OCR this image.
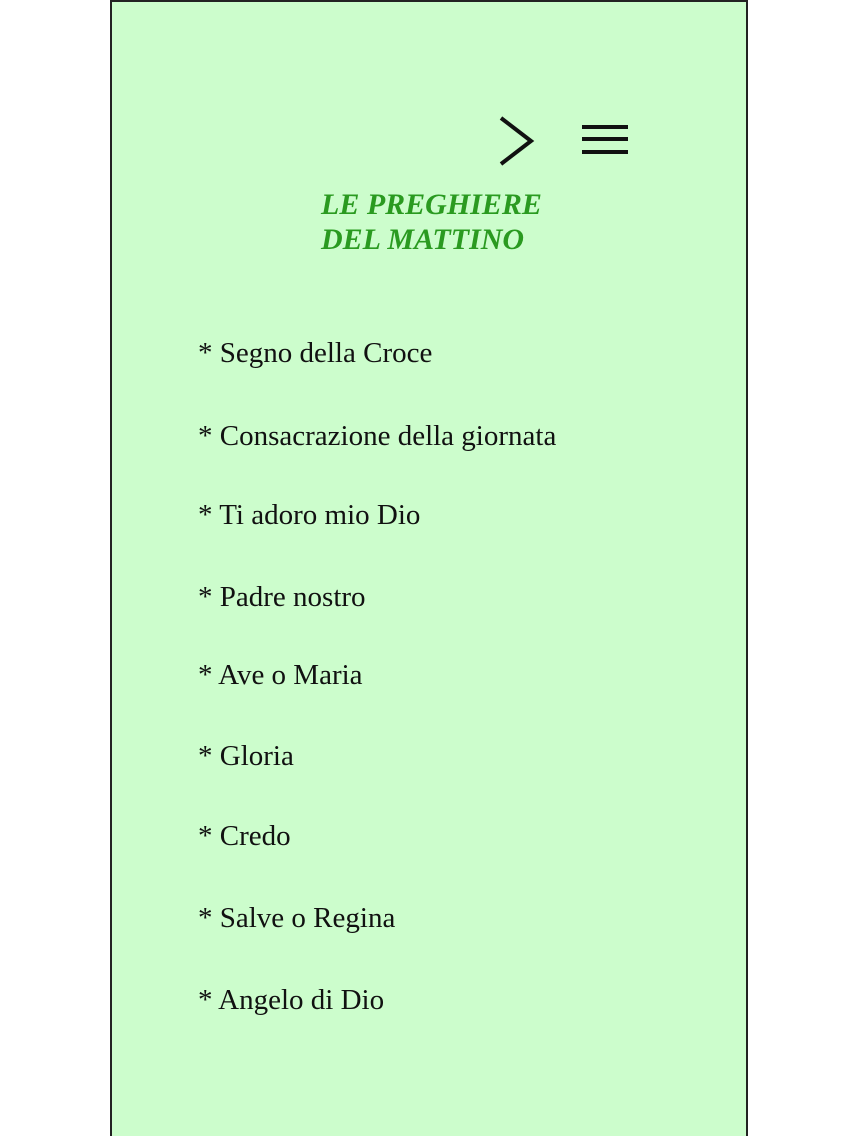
LE PREGHIERE
DEL MATTINO
* Segno della Croce
* Consacrazione della giornata
* Ti adoro mio Dio
* Padre nostro
* Ave o Maria
* Gloria
* Credo
* Salve o Regina
* Angelo di Dio
